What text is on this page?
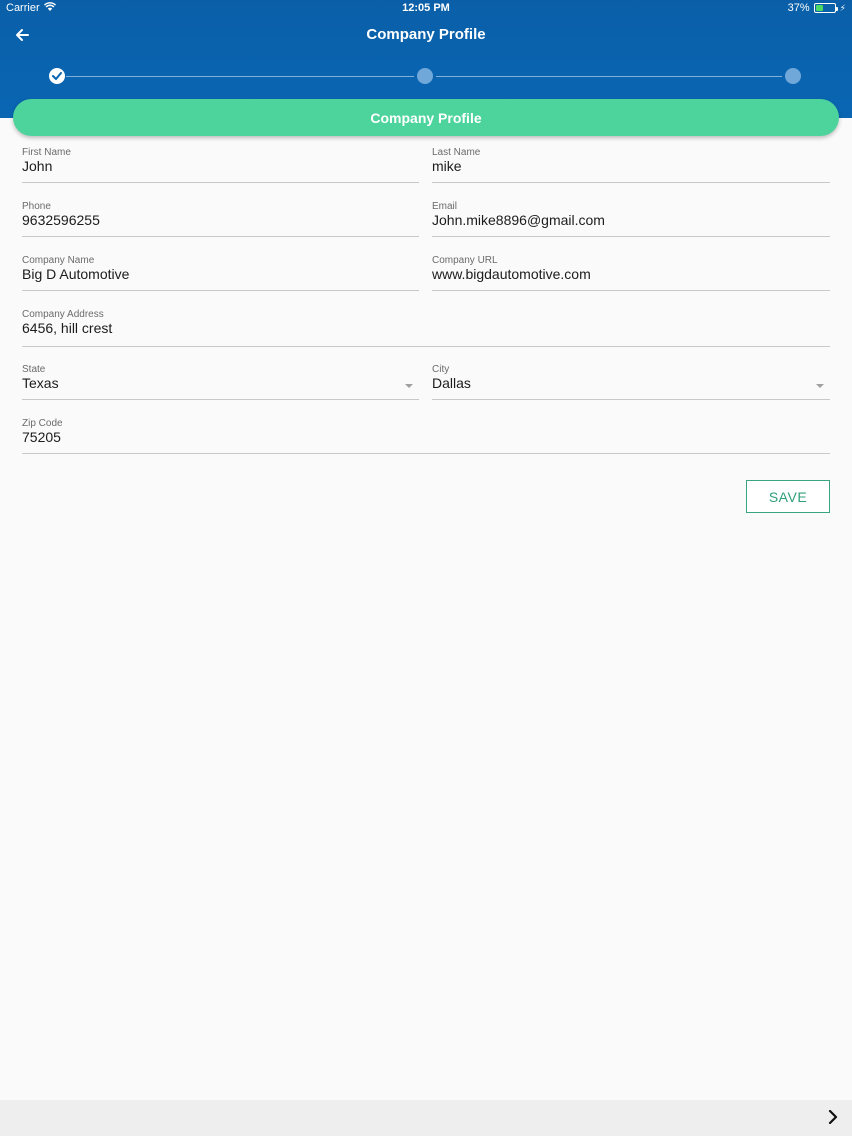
Carrier	12:05 PM	37%	⚡
Company Profile
Company Profile
First Name
John
Last Name
mike
Phone
9632596255
Email
John.mike8896@gmail.com
Company Name
Big D Automotive
Company URL
www.bigdautomotive.com
Company Address
6456, hill crest
State
Texas
City
Dallas
Zip Code
75205
SAVE
